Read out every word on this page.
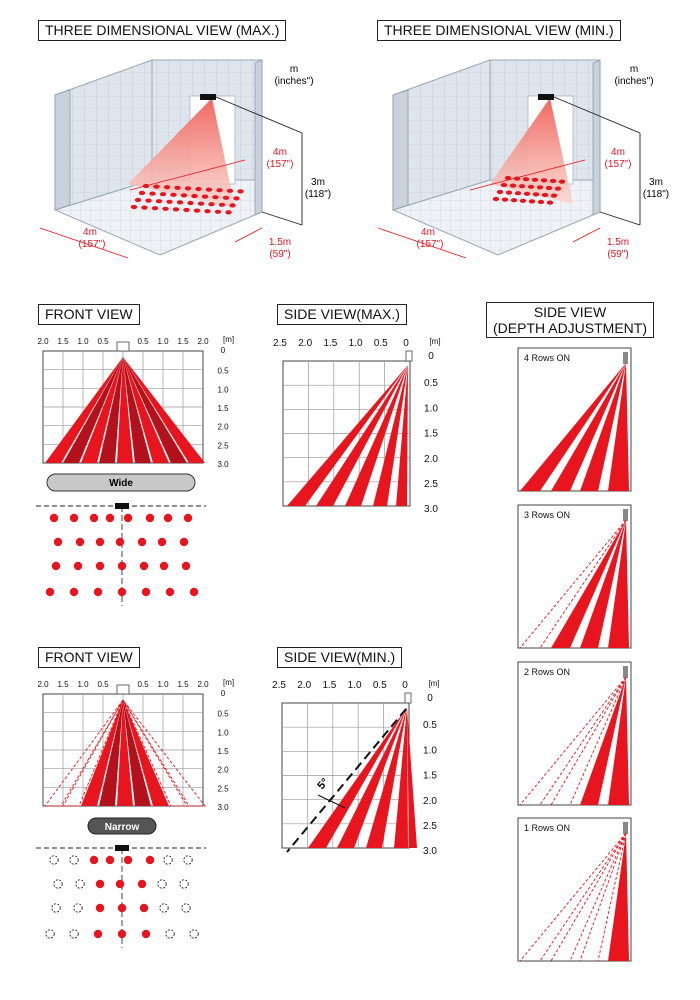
THREE DIMENSIONAL VIEW (MAX.)	THREE DIMENSIONAL VIEW (MIN.)
FRONT VIEW	SIDE VIEW(MAX.)	SIDE VIEW
(DEPTH ADJUSTMENT)
FRONT VIEW	SIDE VIEW(MIN.)
m
(inches")
4m
(157")
3m
(118")
4m
(157")	1.5m
(59")
m
(inches")
4m
(157")
3m
(118")
4m
(157")	1.5m
(59")
2.0 1.5 1.0 0.5	0.5 1.0 1.5 2.0 [m]
0
0.5
1.0
1.5
2.0
2.5
3.0
Wide
2.0 1.5 1.0 0.5	0.5 1.0 1.5 2.0 [m]
0
0.5
1.0
1.5
2.0
2.5
3.0
Narrow
2.5 2.0 1.5 1.0 0.5 0	[m]
0
0.5
1.0
1.5
2.0
2.5
3.0
2.5 2.0 1.5 1.0 0.5 0	[m]
0
0.5
1.0
1.5
2.0
2.5
3.0
5°
4 Rows ON
3 Rows ON
2 Rows ON
1 Rows ON
